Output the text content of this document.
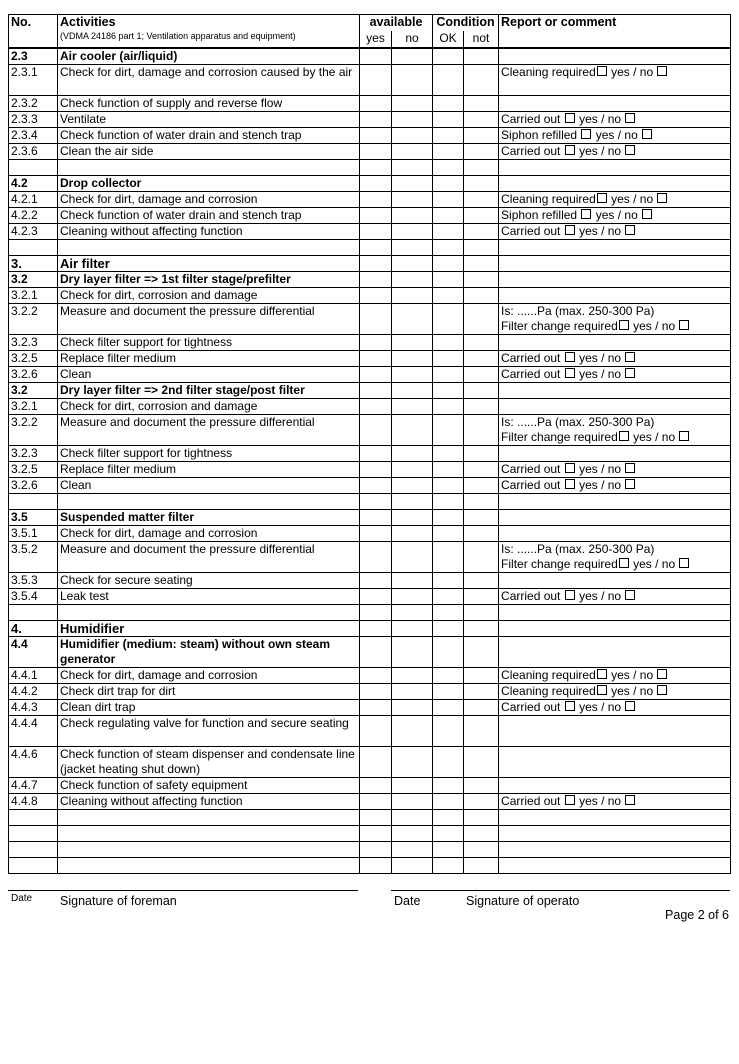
No.	Activities
(VDMA 24186 part 1; Ventilation apparatus and equipment)	available		Condition		Report or comment
		yes	no	OK	not	
2.3	Air cooler (air/liquid)					
2.3.1	Check for dirt, damage and corrosion caused by the air					Cleaning required yes / no

2.3.2	Check function of supply and reverse flow					
2.3.3	Ventilate					Carried out  yes / no

2.3.4	Check function of water drain and stench trap					Siphon refilled  yes / no

2.3.6	Clean the air side					Carried out  yes / no

4.2	Drop collector					
4.2.1	Check for dirt, damage and corrosion					Cleaning required yes / no

4.2.2	Check function of water drain and stench trap					Siphon refilled  yes / no

4.2.3	Cleaning without affecting function					Carried out  yes / no

3.	Air filter					
3.2	Dry layer filter => 1st filter stage/prefilter					
3.2.1	Check for dirt, corrosion and damage					
3.2.2	Measure and document the pressure differential					Is: ......Pa (max. 250-300 Pa)
Filter change required yes / no

3.2.3	Check filter support for tightness					
3.2.5	Replace filter medium					Carried out  yes / no

3.2.6	Clean					Carried out  yes / no

3.2	Dry layer filter => 2nd filter stage/post filter					
3.2.1	Check for dirt, corrosion and damage					
3.2.2	Measure and document the pressure differential					Is: ......Pa (max. 250-300 Pa)
Filter change required yes / no

3.2.3	Check filter support for tightness					
3.2.5	Replace filter medium					Carried out  yes / no

3.2.6	Clean					Carried out  yes / no

3.5	Suspended matter filter					
3.5.1	Check for dirt, damage and corrosion					
3.5.2	Measure and document the pressure differential					Is: ......Pa (max. 250-300 Pa)
Filter change required yes / no

3.5.3	Check for secure seating					
3.5.4	Leak test					Carried out  yes / no

4.	Humidifier					
4.4	Humidifier (medium: steam) without own steam generator					
4.4.1	Check for dirt, damage and corrosion					Cleaning required yes / no

4.4.2	Check dirt trap for dirt					Cleaning required yes / no

4.4.3	Clean dirt trap					Carried out  yes / no

4.4.4	Check regulating valve for function and secure seating					
4.4.6	Check function of steam dispenser and condensate line (jacket heating shut down)					
4.4.7	Check function of safety equipment					
4.4.8	Cleaning without affecting function					Carried out  yes / no

Date Signature of foreman	Date	Signature of operato
Page 2 of 6
